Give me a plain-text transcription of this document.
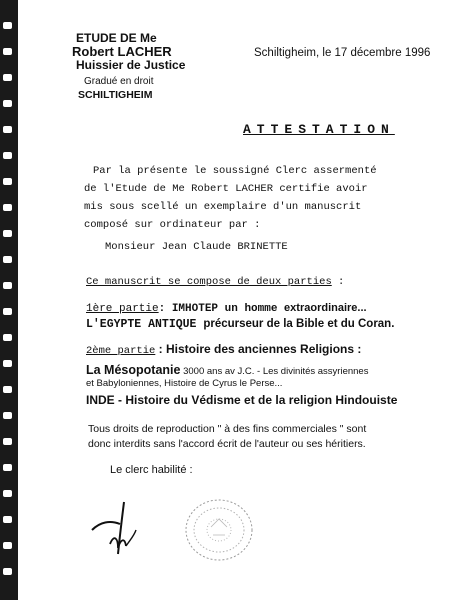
ETUDE DE Me
Robert LACHER
Huissier de Justice
Gradué en droit
SCHILTIGHEIM
Schiltigheim, le 17 décembre 1996
ATTESTATION
Par la présente le soussigné Clerc assermenté
de l'Etude de Me Robert LACHER certifie avoir
mis sous scellé un exemplaire d'un manuscrit
composé sur ordinateur par :
Monsieur Jean Claude BRINETTE
Ce manuscrit se compose de deux parties :
1ère partie: IMHOTEP un homme extraordinaire...
L'EGYPTE ANTIQUE précurseur de la Bible et du Coran.
2ème partie : Histoire des anciennes Religions :
La Mésopotanie 3000 ans av J.C. - Les divinités assyriennes
et Babyloniennes, Histoire de Cyrus le Perse...
INDE - Histoire du Védisme et de la religion Hindouiste
Tous droits de reproduction " à des fins commerciales " sont
donc interdits sans l'accord écrit de l'auteur ou ses héritiers.
Le clerc habilité :
